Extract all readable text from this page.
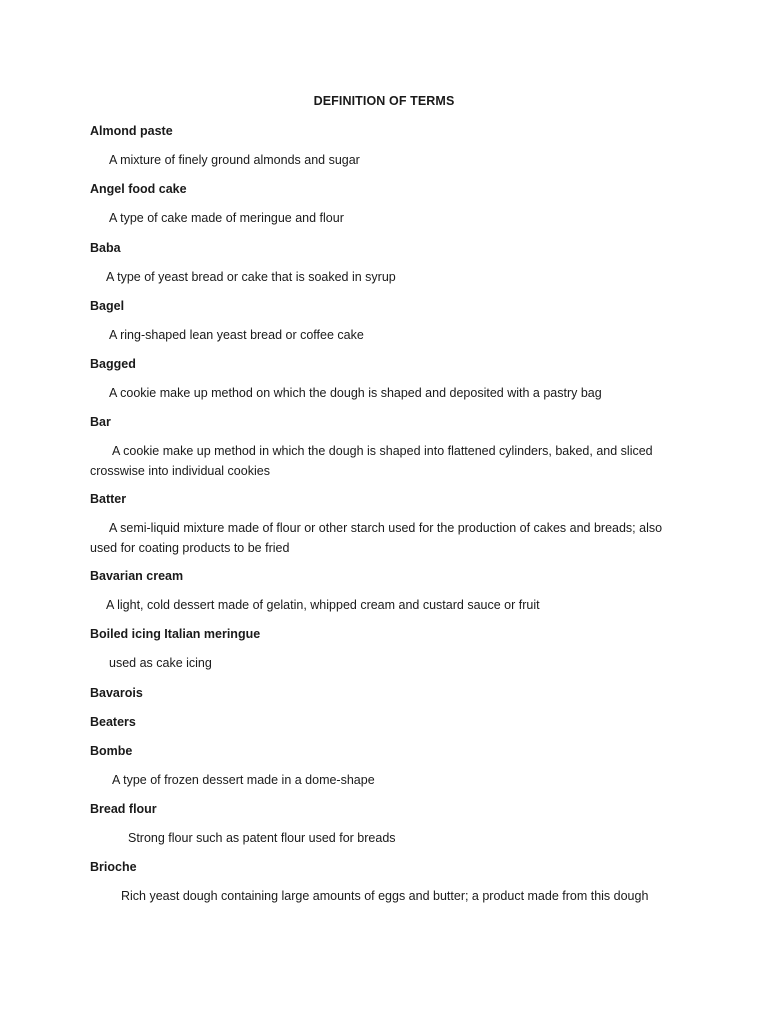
DEFINITION OF TERMS
Almond paste
A mixture of finely ground almonds and sugar
Angel food cake
A type of cake made of meringue and flour
Baba
A type of yeast bread or cake that is soaked in syrup
Bagel
A ring-shaped lean yeast bread or coffee cake
Bagged
A cookie make up method on which the dough is shaped and deposited with a pastry bag
Bar
A cookie make up method in which the dough is shaped into flattened cylinders, baked, and sliced crosswise into individual cookies
Batter
A semi-liquid mixture made of flour or other starch used for the production of cakes and breads; also used for coating products to be fried
Bavarian cream
A light, cold dessert made of gelatin, whipped cream and custard sauce or fruit
Boiled icing Italian meringue
used as cake icing
Bavarois
Beaters
Bombe
A type of frozen dessert made in a dome-shape
Bread flour
Strong flour such as patent flour used for breads
Brioche
Rich yeast dough containing large amounts of eggs and butter; a product made from this dough
